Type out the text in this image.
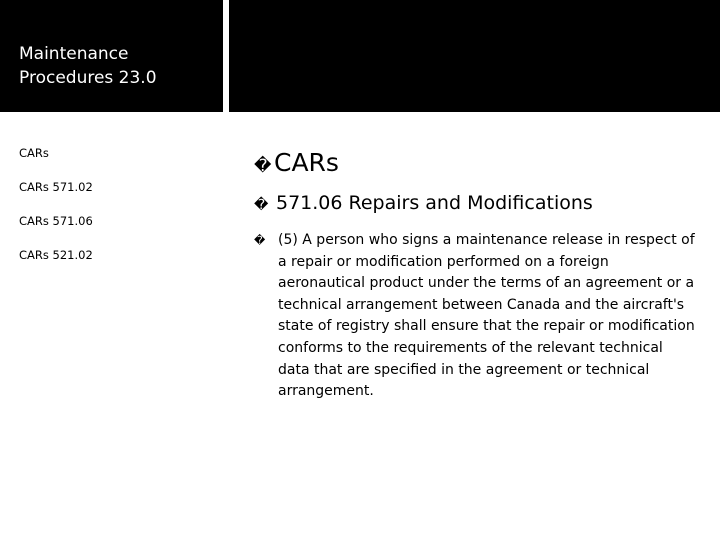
Maintenance
Procedures 23.0
CARs
CARs 571.02
CARs 571.06
CARs 521.02
� CARs
� 571.06 Repairs and Modifications
� (5) A person who signs a maintenance release in respect of a repair or modification performed on a foreign aeronautical product under the terms of an agreement or a technical arrangement between Canada and the aircraft's state of registry shall ensure that the repair or modification conforms to the requirements of the relevant technical data that are specified in the agreement or technical arrangement.
